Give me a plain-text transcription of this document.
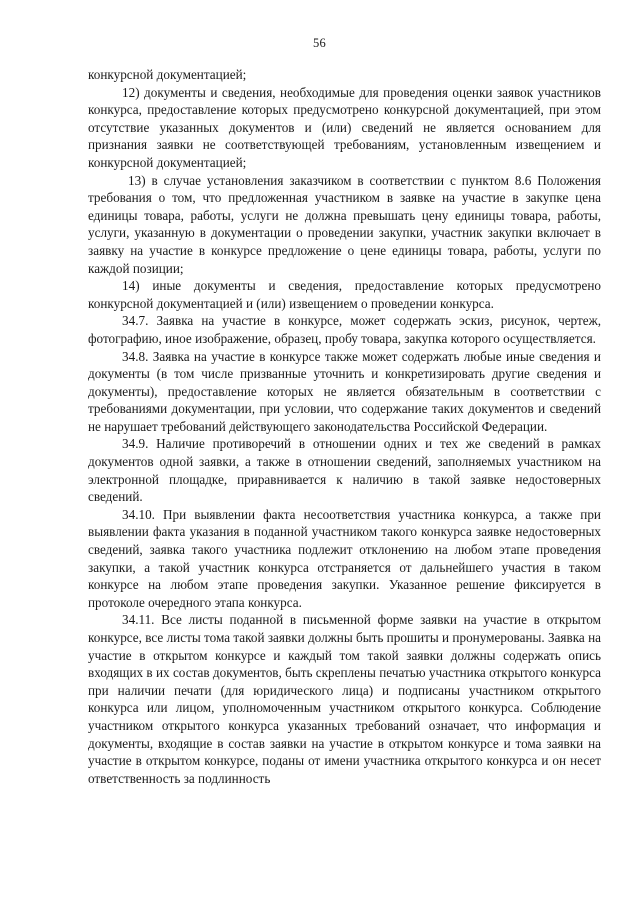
56

конкурсной документацией;

12) документы и сведения, необходимые для проведения оценки заявок участников конкурса, предоставление которых предусмотрено конкурсной документацией, при этом отсутствие указанных документов и (или) сведений не является основанием для признания заявки не соответствующей требованиям, установленным извещением и конкурсной документацией;

13) в случае установления заказчиком в соответствии с пунктом 8.6 Положения требования о том, что предложенная участником в заявке на участие в закупке цена единицы товара, работы, услуги не должна превышать цену единицы товара, работы, услуги, указанную в документации о проведении закупки, участник закупки включает в заявку на участие в конкурсе предложение о цене единицы товара, работы, услуги по каждой позиции;

14) иные документы и сведения, предоставление которых предусмотрено конкурсной документацией и (или) извещением о проведении конкурса.

34.7. Заявка на участие в конкурсе, может содержать эскиз, рисунок, чертеж, фотографию, иное изображение, образец, пробу товара, закупка которого осуществляется.

34.8. Заявка на участие в конкурсе также может содержать любые иные сведения и документы (в том числе призванные уточнить и конкретизировать другие сведения и документы), предоставление которых не является обязательным в соответствии с требованиями документации, при условии, что содержание таких документов и сведений не нарушает требований действующего законодательства Российской Федерации.

34.9. Наличие противоречий в отношении одних и тех же сведений в рамках документов одной заявки, а также в отношении сведений, заполняемых участником на электронной площадке, приравнивается к наличию в такой заявке недостоверных сведений.

34.10. При выявлении факта несоответствия участника конкурса, а также при выявлении факта указания в поданной участником такого конкурса заявке недостоверных сведений, заявка такого участника подлежит отклонению на любом этапе проведения закупки, а такой участник конкурса отстраняется от дальнейшего участия в таком конкурсе на любом этапе проведения закупки. Указанное решение фиксируется в протоколе очередного этапа конкурса.

34.11. Все листы поданной в письменной форме заявки на участие в открытом конкурсе, все листы тома такой заявки должны быть прошиты и пронумерованы. Заявка на участие в открытом конкурсе и каждый том такой заявки должны содержать опись входящих в их состав документов, быть скреплены печатью участника открытого конкурса при наличии печати (для юридического лица) и подписаны участником открытого конкурса или лицом, уполномоченным участником открытого конкурса. Соблюдение участником открытого конкурса указанных требований означает, что информация и документы, входящие в состав заявки на участие в открытом конкурсе и тома заявки на участие в открытом конкурсе, поданы от имени участника открытого конкурса и он несет ответственность за подлинность
